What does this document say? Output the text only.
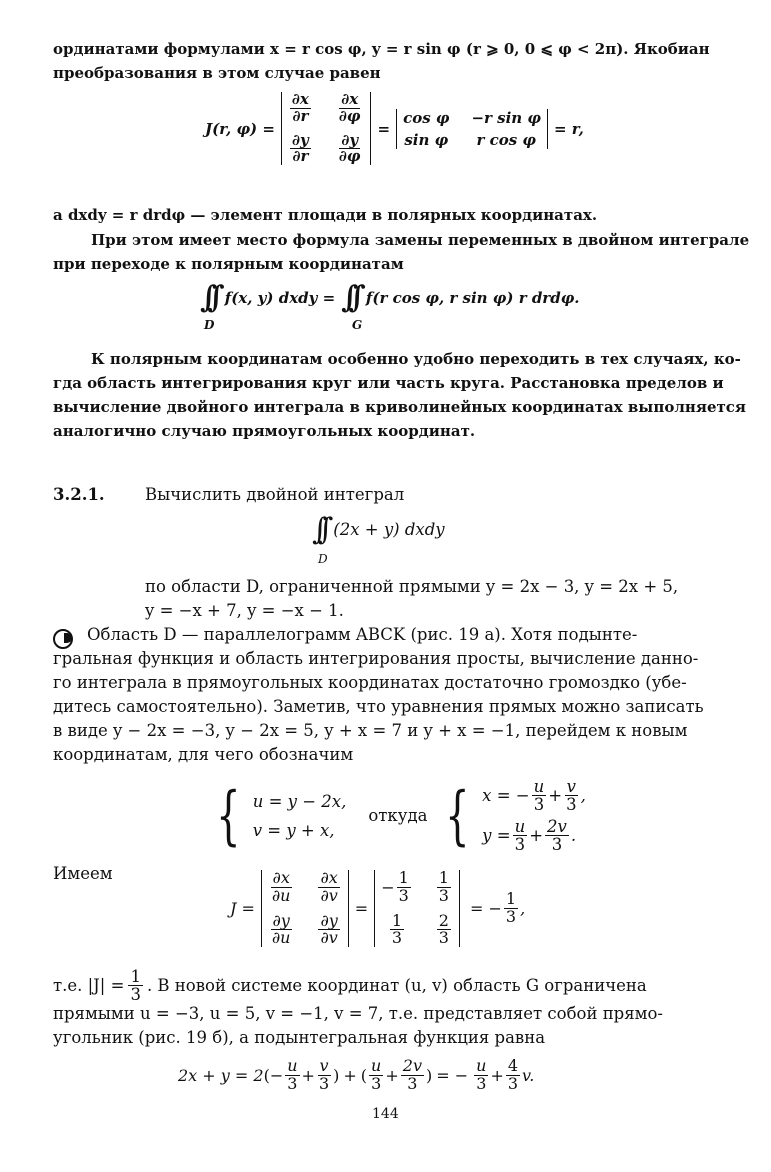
ординатами формулами x = r cos φ, y = r sin φ (r ⩾ 0, 0 ⩽ φ < 2π). Якобиан
преобразования в этом случае равен
J(r, φ) =
$\frac{\partial x}{\partial r} \frac{\partial x}{\partial\varphi}$
$\frac{\partial y}{\partial r} \frac{\partial y}{\partial\varphi}$
=
cos φ −r sin φ
sin φ r cos φ
= r,
а dxdy = r drdφ — элемент площади в полярных координатах.
При этом имеет место формула замены переменных в двойном интеграле
при переходе к полярным координатам
∫∫ f(x, y) dxdy = ∫∫ f(r cos φ, r sin φ) r drdφ.
D	G
К полярным координатам особенно удобно переходить в тех случаях, ко-
гда область интегрирования круг или часть круга. Расстановка пределов и
вычисление двойного интеграла в криволинейных координатах выполняется
аналогично случаю прямоугольных координат.
3.2.1. Вычислить двойной интеграл
∫∫ (2x + y) dxdy
D
по области D, ограниченной прямыми y = 2x − 3, y = 2x + 5,
y = −x + 7, y = −x − 1.
Область D — параллелограмм ABCK (рис. 19 а). Хотя подынте-
гральная функция и область интегрирования просты, вычисление данно-
го интеграла в прямоугольных координатах достаточно громоздко (убе-
дитесь самостоятельно). Заметив, что уравнения прямых можно записать
в виде y − 2x = −3, y − 2x = 5, y + x = 7 и y + x = −1, перейдем к новым
координатам, для чего обозначим
{ u = y − 2x,
v = y + x,
откуда { x = − $\frac{u}{3} + \frac{v}{3}$ ,
$y = \frac{u}{3} + \frac{2v}{3}$ .
Имеем
J =
$\frac{\partial x}{\partial u} \frac{\partial x}{\partial v}$
$\frac{\partial y}{\partial u} \frac{\partial y}{\partial v}$
=
− $\frac{1}{3} \frac{1}{3}$
$\frac{1}{3} \frac{2}{3}$
= − $\frac{1}{3}$ ,
т.е. $|J| = \frac{1}{3}$ . В новой системе координат (u, v) область G ограничена
прямыми u = −3, u = 5, v = −1, v = 7, т.е. представляет собой прямо-
угольник (рис. 19 б), а подынтегральная функция равна
2x + y = 2 (− $\frac{u}{3} + \frac{v}{3}$ ) + ( $\frac{u}{3} + \frac{2v}{3}$ ) = − $\frac{u}{3} + \frac{4}{3} v$.
144
